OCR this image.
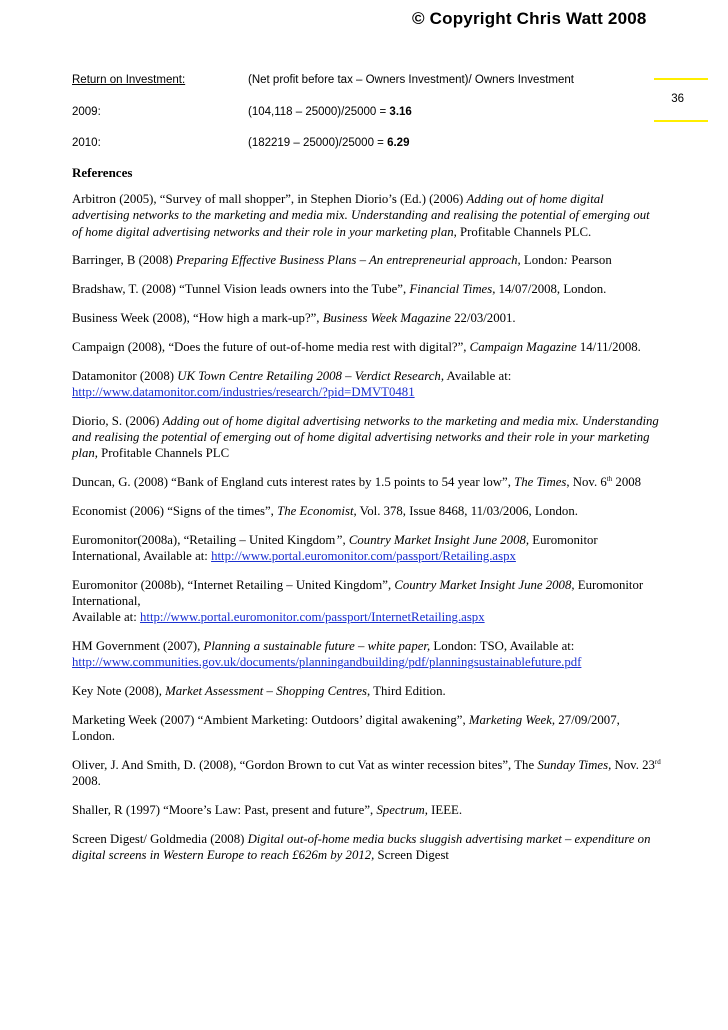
© Copyright Chris Watt 2008
36
Return on Investment:	(Net profit before tax – Owners Investment)/ Owners Investment
2009:	(104,118 – 25000)/25000 = 3.16
2010:	(182219 – 25000)/25000 = 6.29
References

Arbitron (2005), “Survey of mall shopper”, in Stephen Diorio’s (Ed.) (2006) Adding out of home digital advertising networks to the marketing and media mix. Understanding and realising the potential of emerging out of home digital advertising networks and their role in your marketing plan, Profitable Channels PLC.

Barringer, B (2008) Preparing Effective Business Plans – An entrepreneurial approach, London: Pearson

Bradshaw, T. (2008) “Tunnel Vision leads owners into the Tube”, Financial Times, 14/07/2008, London.

Business Week (2008), “How high a mark-up?”, Business Week Magazine 22/03/2001.

Campaign (2008), “Does the future of out-of-home media rest with digital?”, Campaign Magazine 14/11/2008.

Datamonitor (2008) UK Town Centre Retailing 2008 – Verdict Research, Available at: http://www.datamonitor.com/industries/research/?pid=DMVT0481

Diorio, S. (2006) Adding out of home digital advertising networks to the marketing and media mix. Understanding and realising the potential of emerging out of home digital advertising networks and their role in your marketing plan, Profitable Channels PLC

Duncan, G. (2008) “Bank of England cuts interest rates by 1.5 points to 54 year low”, The Times, Nov. 6th 2008

Economist (2006) “Signs of the times”, The Economist, Vol. 378, Issue 8468, 11/03/2006, London.

Euromonitor(2008a), “Retailing – United Kingdom”, Country Market Insight June 2008, Euromonitor International, Available at: http://www.portal.euromonitor.com/passport/Retailing.aspx

Euromonitor (2008b), “Internet Retailing – United Kingdom”, Country Market Insight June 2008, Euromonitor International,
Available at: http://www.portal.euromonitor.com/passport/InternetRetailing.aspx

HM Government (2007), Planning a sustainable future – white paper, London: TSO, Available at: http://www.communities.gov.uk/documents/planningandbuilding/pdf/planningsustainablefuture.pdf

Key Note (2008), Market Assessment – Shopping Centres, Third Edition.

Marketing Week (2007) “Ambient Marketing: Outdoors’ digital awakening”, Marketing Week, 27/09/2007, London.

Oliver, J. And Smith, D. (2008), “Gordon Brown to cut Vat as winter recession bites”, The Sunday Times, Nov. 23rd 2008.

Shaller, R (1997) “Moore’s Law: Past, present and future”, Spectrum, IEEE.

Screen Digest/ Goldmedia (2008) Digital out-of-home media bucks sluggish advertising market – expenditure on digital screens in Western Europe to reach £626m by 2012, Screen Digest
